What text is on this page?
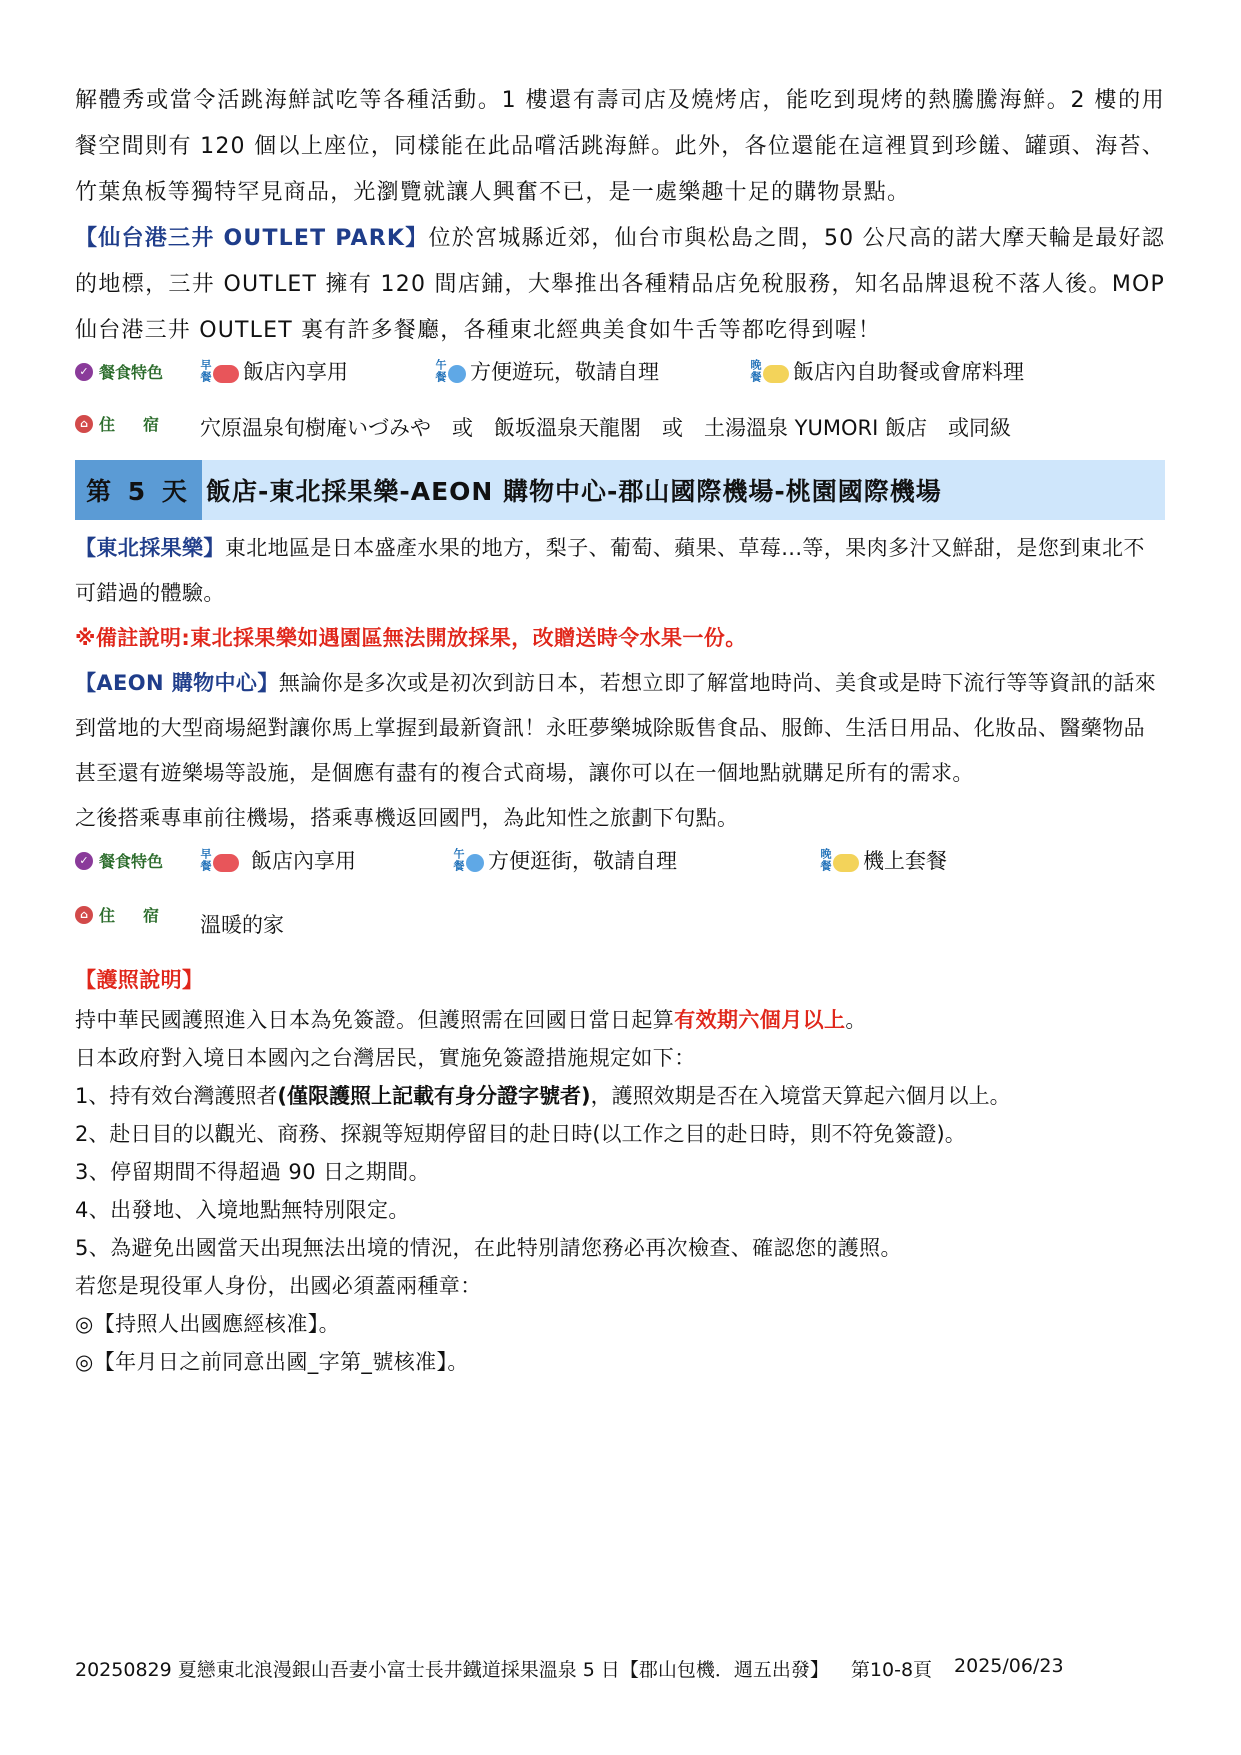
解體秀或當令活跳海鮮試吃等各種活動。1 樓還有壽司店及燒烤店，能吃到現烤的熱騰騰海鮮。2 樓的用餐空間則有 120 個以上座位，同樣能在此品嚐活跳海鮮。此外，各位還能在這裡買到珍饈、罐頭、海苔、竹葉魚板等獨特罕見商品，光瀏覽就讓人興奮不已，是一處樂趣十足的購物景點。

【仙台港三井 OUTLET PARK】位於宮城縣近郊，仙台市與松島之間，50 公尺高的諾大摩天輪是最好認的地標，三井 OUTLET 擁有 120 間店鋪，大舉推出各種精品店免稅服務，知名品牌退稅不落人後。MOP 仙台港三井 OUTLET 裏有許多餐廳，各種東北經典美食如牛舌等都吃得到喔！

✓ 餐食特色	早餐 飯店內享用	午餐 方便遊玩，敬請自理	晚餐 飯店內自助餐或會席料理
⌂ 住　宿 穴原温泉旬樹庵いづみや　或　飯坂溫泉天龍閣　或　土湯溫泉 YUMORI 飯店　或同級
第 5 天 飯店-東北採果樂-AEON 購物中心-郡山國際機場-桃園國際機場

【東北採果樂】東北地區是日本盛產水果的地方，梨子、葡萄、蘋果、草莓...等，果肉多汁又鮮甜，是您到東北不可錯過的體驗。

※備註說明:東北採果樂如遇園區無法開放採果，改贈送時令水果一份。

【AEON 購物中心】無論你是多次或是初次到訪日本，若想立即了解當地時尚、美食或是時下流行等等資訊的話來到當地的大型商場絕對讓你馬上掌握到最新資訊！永旺夢樂城除販售食品、服飾、生活日用品、化妝品、醫藥物品甚至還有遊樂場等設施，是個應有盡有的複合式商場，讓你可以在一個地點就購足所有的需求。

之後搭乘專車前往機場，搭乘專機返回國門，為此知性之旅劃下句點。

✓ 餐食特色	早餐 飯店內享用	午餐 方便逛街，敬請自理	晚餐 機上套餐
⌂ 住　宿 溫暖的家

【護照說明】

持中華民國護照進入日本為免簽證。但護照需在回國日當日起算有效期六個月以上。

日本政府對入境日本國內之台灣居民，實施免簽證措施規定如下：

1、持有效台灣護照者(僅限護照上記載有身分證字號者)，護照效期是否在入境當天算起六個月以上。

2、赴日目的以觀光、商務、探親等短期停留目的赴日時(以工作之目的赴日時，則不符免簽證)。

3、停留期間不得超過 90 日之期間。

4、出發地、入境地點無特別限定。

5、為避免出國當天出現無法出境的情況，在此特別請您務必再次檢查、確認您的護照。

若您是現役軍人身份，出國必須蓋兩種章：

◎【持照人出國應經核准】。

◎【年月日之前同意出國_字第_號核准】。

20250829 夏戀東北浪漫銀山吾妻小富士長井鐵道採果溫泉 5 日【郡山包機．週五出發】 第10-8頁 2025/06/23
